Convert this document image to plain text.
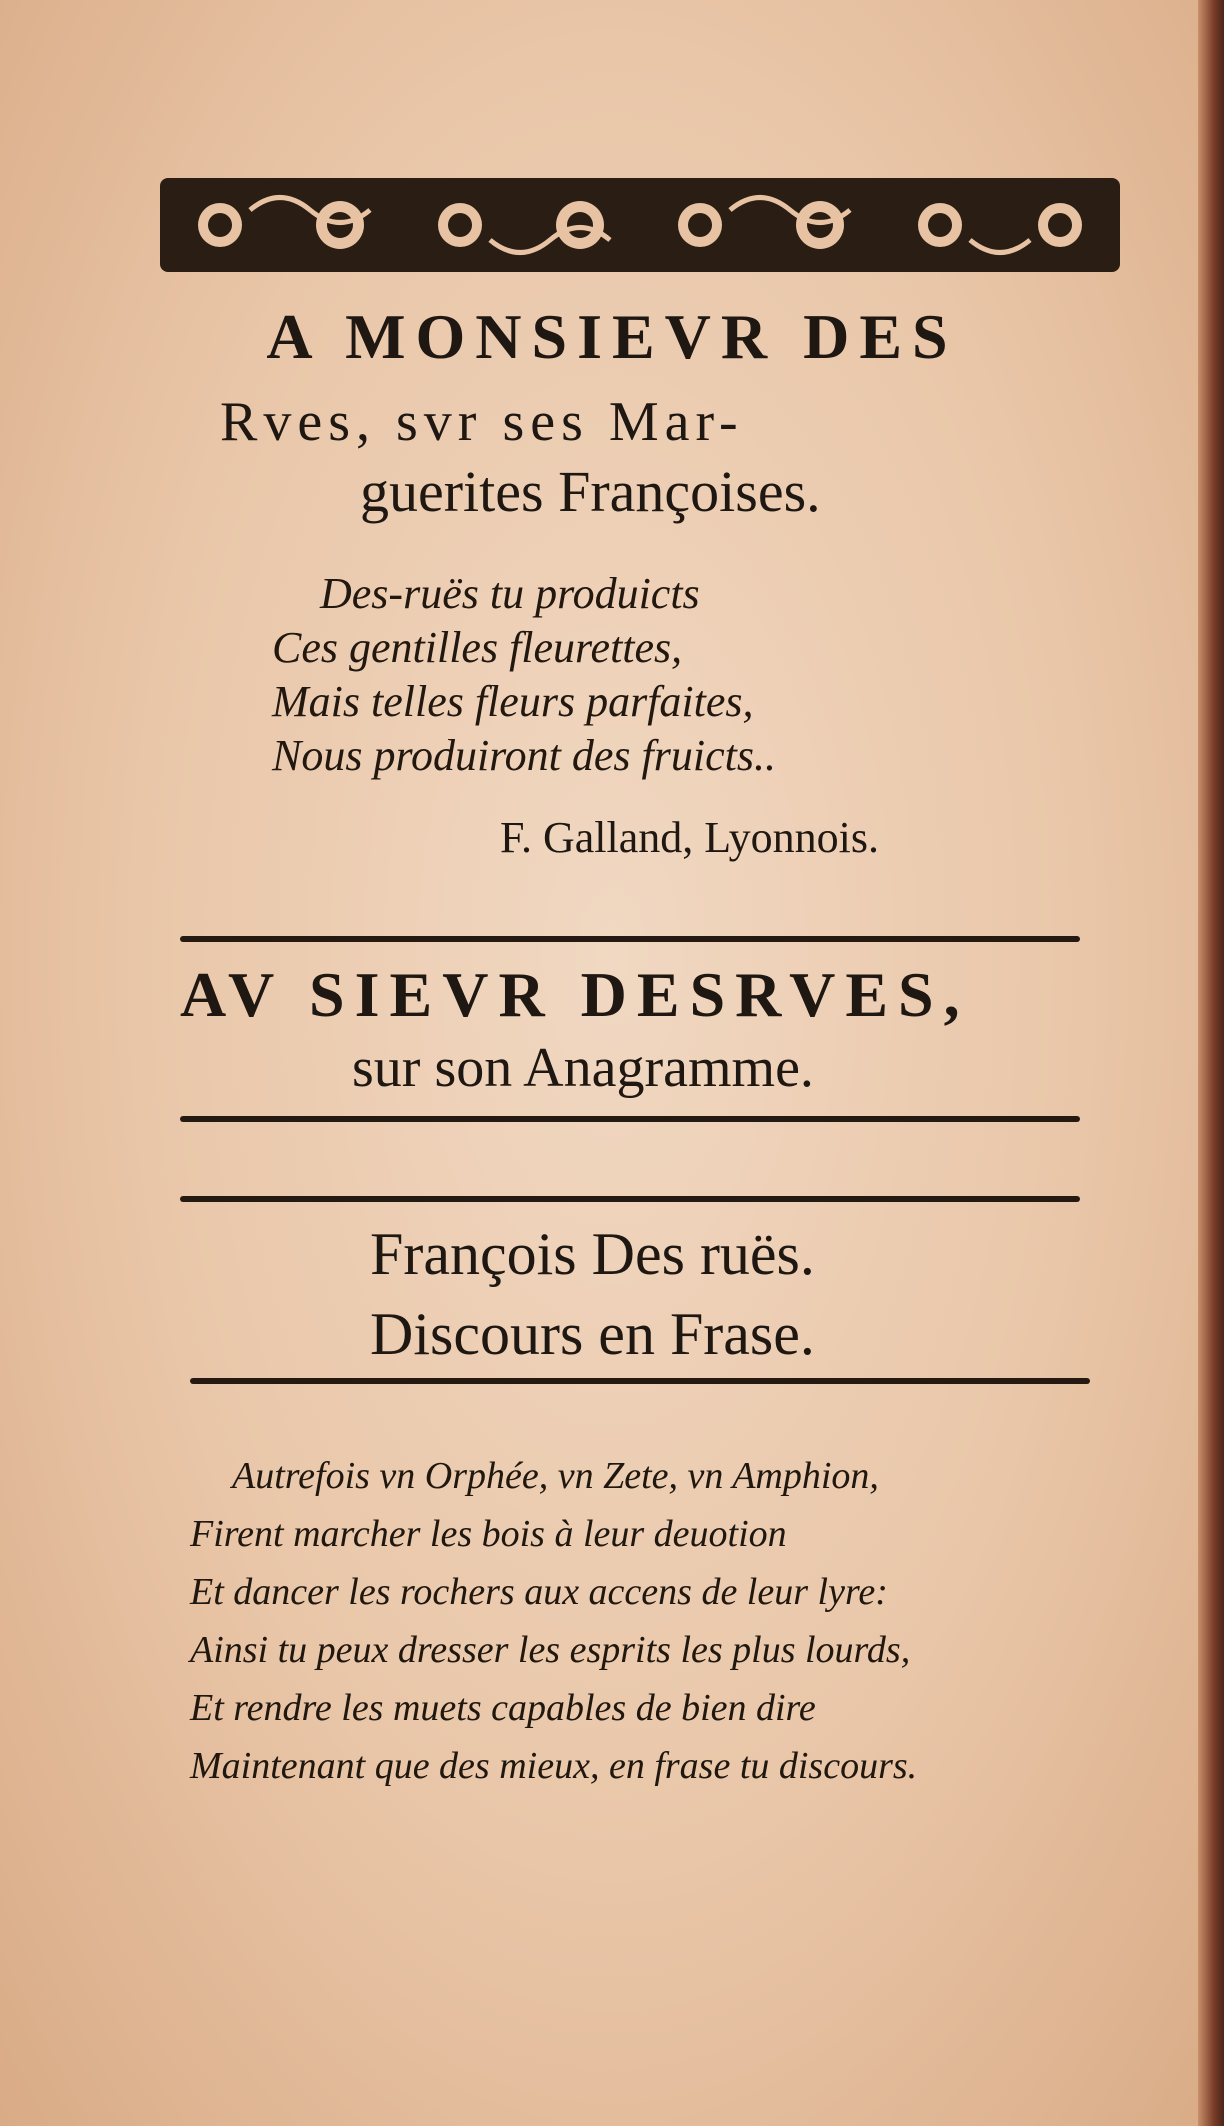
A MONSIEVR DES
Rves, svr ses Mar-
guerites Françoises.
Des-ruës tu produicts
Ces gentilles fleurettes,
Mais telles fleurs parfaites,
Nous produiront des fruicts..
F. Galland, Lyonnois.
AV SIEVR DESRVES,
sur son Anagramme.
François Des ruës.
Discours en Frase.
Autrefois vn Orphée, vn Zete, vn Amphion,
Firent marcher les bois à leur deuotion
Et dancer les rochers aux accens de leur lyre:
Ainsi tu peux dresser les esprits les plus lourds,
Et rendre les muets capables de bien dire
Maintenant que des mieux, en frase tu discours.
